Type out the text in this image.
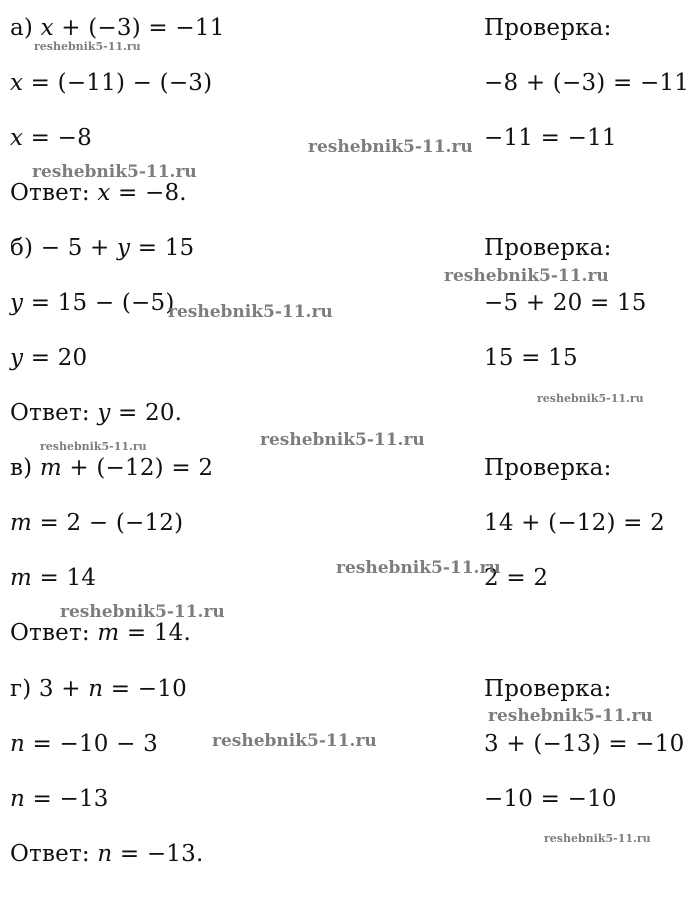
а) 𝑥 + (−3) = −11
𝑥 = (−11) − (−3)
𝑥 = −8
Ответ: 𝑥 = −8.
Проверка:
−8 + (−3) = −11
−11 = −11
б) − 5 + 𝑦 = 15
𝑦 = 15 − (−5)
𝑦 = 20
Ответ: 𝑦 = 20.
Проверка:
−5 + 20 = 15
15 = 15
в) 𝑚 + (−12) = 2
𝑚 = 2 − (−12)
𝑚 = 14
Ответ: 𝑚 = 14.
Проверка:
14 + (−12) = 2
2 = 2
г) 3 + 𝑛 = −10
𝑛 = −10 − 3
𝑛 = −13
Ответ: 𝑛 = −13.
Проверка:
3 + (−13) = −10
−10 = −10
reshebnik5-11.ru
reshebnik5-11.ru
reshebnik5-11.ru
reshebnik5-11.ru
reshebnik5-11.ru
reshebnik5-11.ru
reshebnik5-11.ru
reshebnik5-11.ru
reshebnik5-11.ru
reshebnik5-11.ru
reshebnik5-11.ru
reshebnik5-11.ru
reshebnik5-11.ru
